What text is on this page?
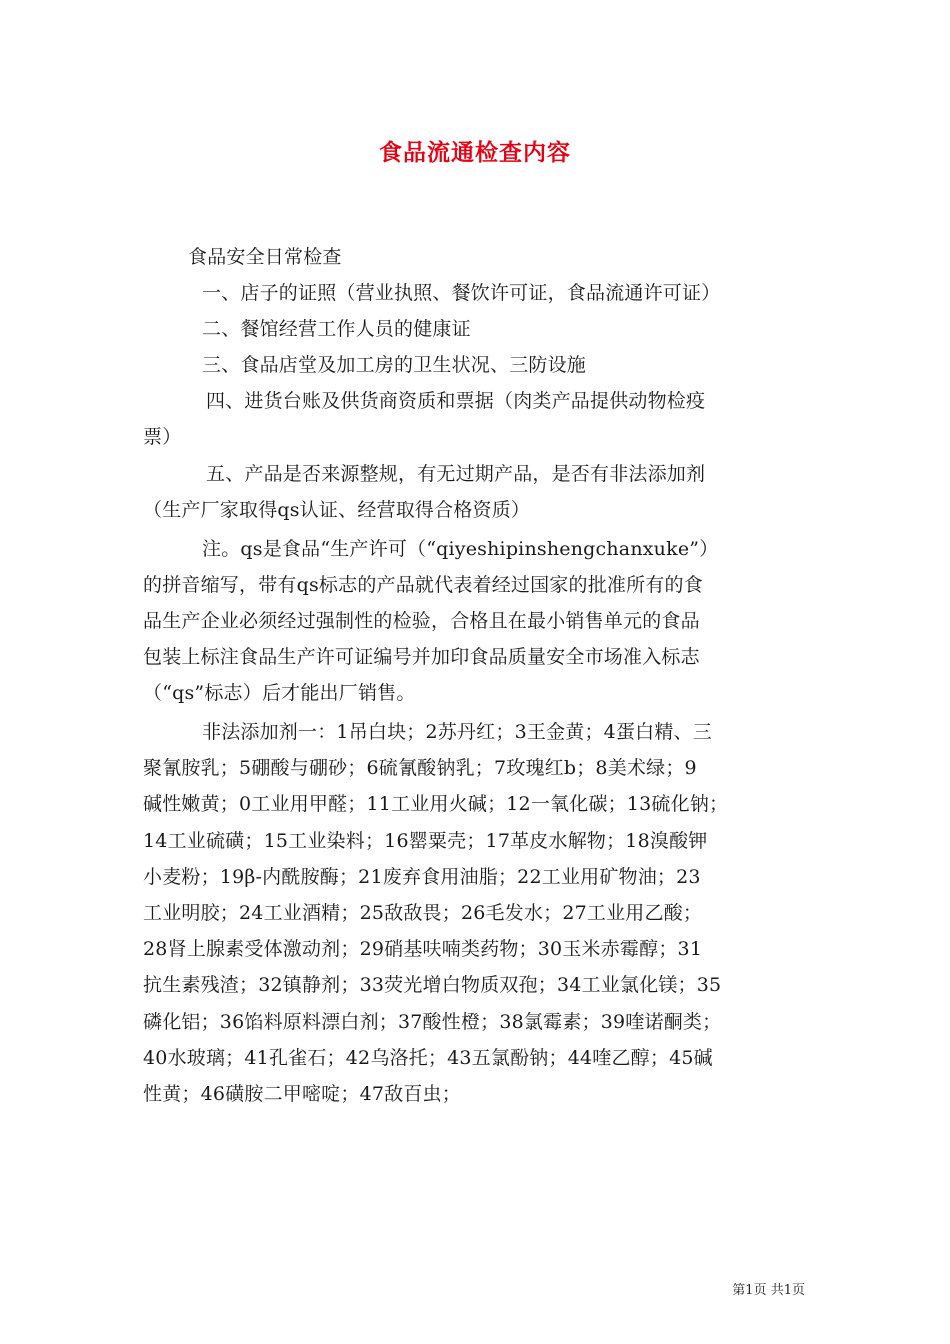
食品流通检查内容
食品安全日常检查
一、店子的证照（营业执照、餐饮许可证，食品流通许可证）
二、餐馆经营工作人员的健康证
三、食品店堂及加工房的卫生状况、三防设施
四、进货台账及供货商资质和票据（肉类产品提供动物检疫
票）
五、产品是否来源整规，有无过期产品，是否有非法添加剂
（生产厂家取得qs认证、经营取得合格资质）
注。qs是食品“生产许可（“qiyeshipinshengchanxuke”）
的拼音缩写，带有qs标志的产品就代表着经过国家的批准所有的食
品生产企业必须经过强制性的检验，合格且在最小销售单元的食品
包装上标注食品生产许可证编号并加印食品质量安全市场准入标志
（“qs”标志）后才能出厂销售。
非法添加剂一：1吊白块；2苏丹红；3王金黄；4蛋白精、三
聚氰胺乳；5硼酸与硼砂；6硫氰酸钠乳；7玫瑰红b；8美术绿；9
碱性嫩黄；0工业用甲醛；11工业用火碱；12一氧化碳；13硫化钠；
14工业硫磺；15工业染料；16罂粟壳；17革皮水解物；18溴酸钾
小麦粉；19β-内酰胺酶；21废弃食用油脂；22工业用矿物油；23
工业明胶；24工业酒精；25敌敌畏；26毛发水；27工业用乙酸；
28肾上腺素受体激动剂；29硝基呋喃类药物；30玉米赤霉醇；31
抗生素残渣；32镇静剂；33荧光增白物质双孢；34工业氯化镁；35
磷化铝；36馅料原料漂白剂；37酸性橙；38氯霉素；39喹诺酮类；
40水玻璃；41孔雀石；42乌洛托；43五氯酚钠；44喹乙醇；45碱
性黄；46磺胺二甲嘧啶；47敌百虫；
第1页 共1页
